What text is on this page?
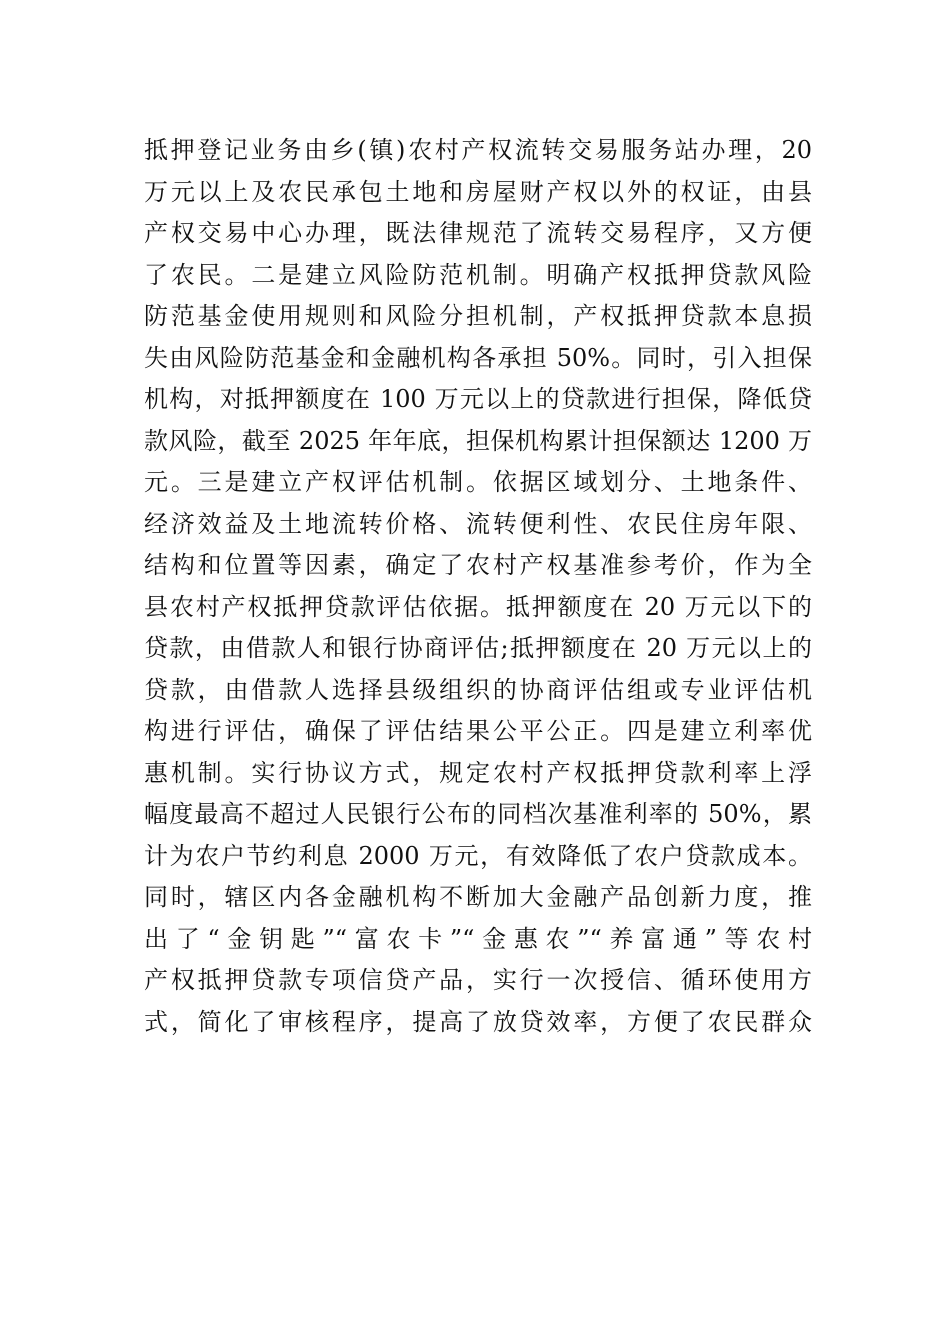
抵押登记业务由乡(镇)农村产权流转交易服务站办理，20
万元以上及农民承包土地和房屋财产权以外的权证，由县
产权交易中心办理，既法律规范了流转交易程序，又方便
了农民。二是建立风险防范机制。明确产权抵押贷款风险
防范基金使用规则和风险分担机制，产权抵押贷款本息损
失由风险防范基金和金融机构各承担 50%。同时，引入担保
机构，对抵押额度在 100 万元以上的贷款进行担保，降低贷
款风险，截至 2025 年年底，担保机构累计担保额达 1200 万
元。三是建立产权评估机制。依据区域划分、土地条件、
经济效益及土地流转价格、流转便利性、农民住房年限、
结构和位置等因素，确定了农村产权基准参考价，作为全
县农村产权抵押贷款评估依据。抵押额度在 20 万元以下的
贷款，由借款人和银行协商评估;抵押额度在 20 万元以上的
贷款，由借款人选择县级组织的协商评估组或专业评估机
构进行评估，确保了评估结果公平公正。四是建立利率优
惠机制。实行协议方式，规定农村产权抵押贷款利率上浮
幅度最高不超过人民银行公布的同档次基准利率的 50%，累
计为农户节约利息 2000 万元，有效降低了农户贷款成本。
同时，辖区内各金融机构不断加大金融产品创新力度，推
出了“金钥匙”“富农卡”“金惠农”“养富通”等农村
产权抵押贷款专项信贷产品，实行一次授信、循环使用方
式，简化了审核程序，提高了放贷效率，方便了农民群众
